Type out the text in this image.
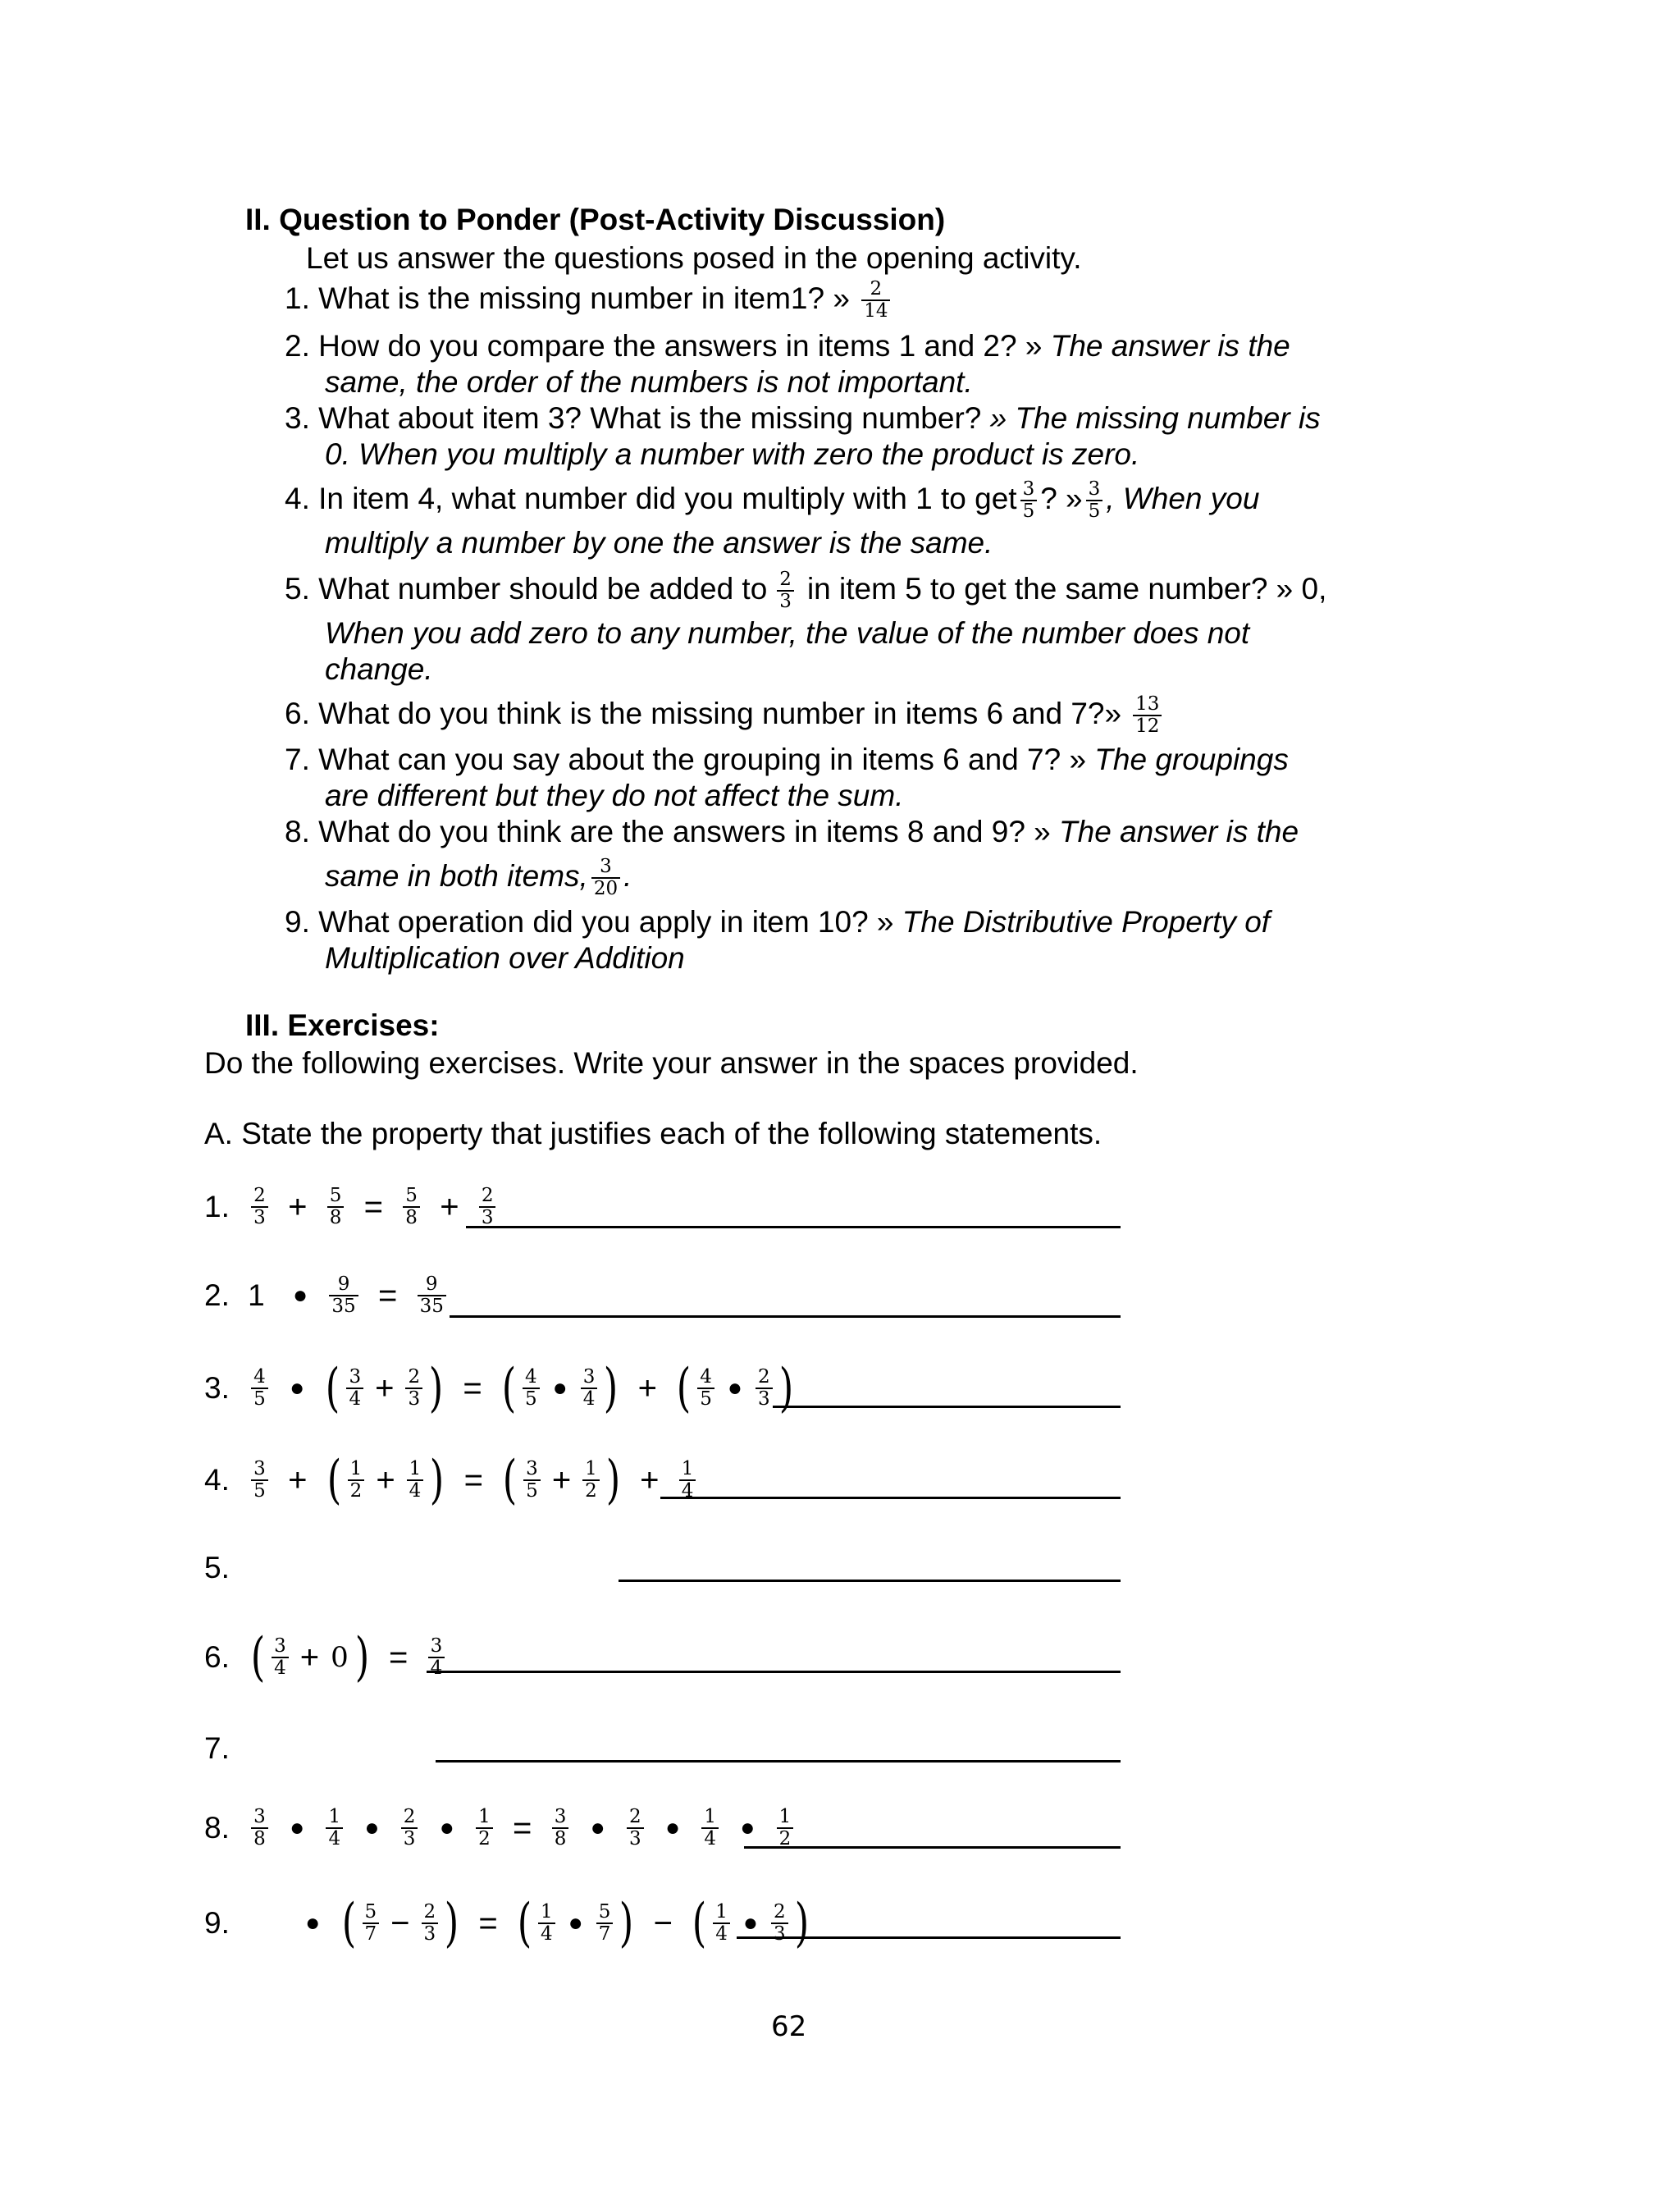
II. Question to Ponder (Post-Activity Discussion)
Let us answer the questions posed in the opening activity.
1. What is the missing number in item1? » $\frac{2}{14}$
2. How do you compare the answers in items 1 and 2? » The answer is the
same, the order of the numbers is not important.
3. What about item 3? What is the missing number? » The missing number is
0. When you multiply a number with zero the product is zero.
4. In item 4, what number did you multiply with 1 to get $\frac{3}{5}$ ? » $\frac{3}{5}$ , When you
multiply a number by one the answer is the same.
5. What number should be added to $\frac{2}{3}$ in item 5 to get the same number? » 0,
When you add zero to any number, the value of the number does not
change.
6. What do you think is the missing number in items 6 and 7?» $\frac{13}{12}$
7. What can you say about the grouping in items 6 and 7? » The groupings
are different but they do not affect the sum.
8. What do you think are the answers in items 8 and 9? » The answer is the
same in both items, $\frac{3}{20}$ .
9. What operation did you apply in item 10? » The Distributive Property of
Multiplication over Addition
III. Exercises:
Do the following exercises. Write your answer in the spaces provided.
A. State the property that justifies each of the following statements.
1. $\frac{2}{3} + \frac{5}{8} = \frac{5}{8} + \frac{2}{3}$
2. 1 ● $\frac{9}{35} = \frac{9}{35}$
3. $\frac{4}{5}$ ● ( $\frac{3}{4} + \frac{2}{3}$ ) = ( $\frac{4}{5}$ ● $\frac{3}{4}$ ) + ( $\frac{4}{5}$ ● $\frac{2}{3}$ )
4. $\frac{3}{5}$ + ( $\frac{1}{2} + \frac{1}{4}$ ) = ( $\frac{3}{5} + \frac{1}{2}$ ) + $\frac{1}{4}$
5.
6. ( $\frac{3}{4} + 0$ ) = $\frac{3}{4}$
7.
8. $\frac{3}{8}$ ● $\frac{1}{4}$ ● $\frac{2}{3}$ ● $\frac{1}{2} = \frac{3}{8}$ ● $\frac{2}{3}$ ● $\frac{1}{4}$ ● $\frac{1}{2}$
9.	● ( $\frac{5}{7} - \frac{2}{3}$ ) = ( $\frac{1}{4}$ ● $\frac{5}{7}$ ) − ( $\frac{1}{4}$ ● $\frac{2}{3}$ )
62
